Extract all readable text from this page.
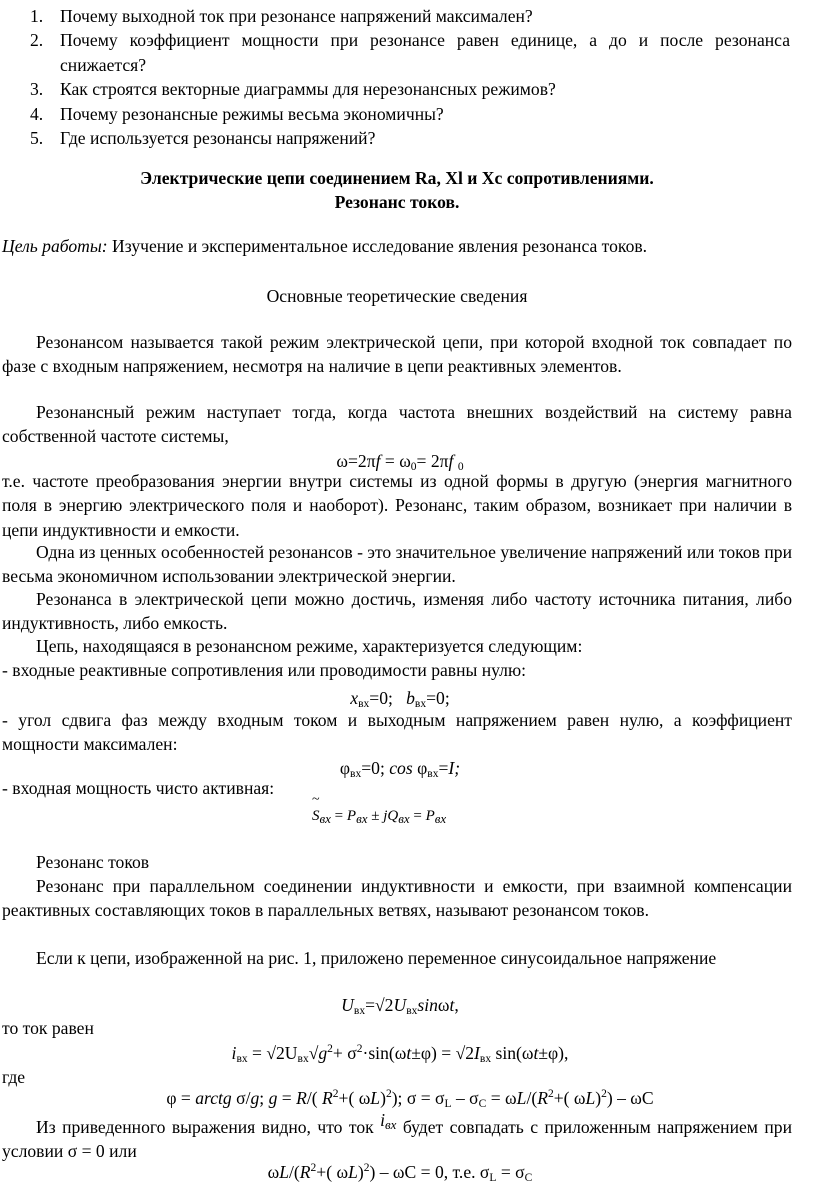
1. Почему выходной ток при резонансе напряжений максимален?
2. Почему коэффициент мощности при резонансе равен единице, а до и после резонанса снижается?
3. Как строятся векторные диаграммы для нерезонансных режимов?
4. Почему резонансные режимы весьма экономичны?
5. Где используется резонансы напряжений?
Электрические цепи соединением Ra, Xl и Xc сопротивлениями.
Резонанс токов.
Цель работы: Изучение и экспериментальное исследование явления резонанса токов.
Основные теоретические сведения
Резонансом называется такой режим электрической цепи, при которой входной ток совпадает по фазе с входным напряжением, несмотря на наличие в цепи реактивных элементов.
Резонансный режим наступает тогда, когда частота внешних воздействий на систему равна собственной частоте системы,
$\omega=2\pi f = \omega_0= 2\pi f$ $_0$
т.е. частоте преобразования энергии внутри системы из одной формы в другую (энергия магнитного поля в энергию электрического поля и наоборот). Резонанс, таким образом, возникает при наличии в цепи индуктивности и емкости.
Одна из ценных особенностей резонансов - это значительное увеличение напряжений или токов при весьма экономичном использовании электрической энергии.
Резонанса в электрической цепи можно достичь, изменяя либо частоту источника питания, либо индуктивность, либо емкость.
Цепь, находящаяся в резонансном режиме, характеризуется следующим:
- входные реактивные сопротивления или проводимости равны нулю:
$x_{вх}=0$;   $b_{вх}=0$;
- угол сдвига фаз между входным током и выходным напряжением равен нулю, а коэффициент мощности максимален:
$\varphi_{вх}=0$; $\cos \varphi_{вх}=I$;
- входная мощность чисто активная:
~
$S_{вх} = P_{вх} \pm jQ_{вх} = P_{вх}$
Резонанс токов
Резонанс при параллельном соединении индуктивности и емкости, при взаимной компенсации реактивных составляющих токов в параллельных ветвях, называют резонансом токов.
Если к цепи, изображенной на рис. 1, приложено переменное синусоидальное напряжение
$U_{вх}=√2U_{вх}\sin\omega t$,
то ток равен
$i_{вх} = √2U_{вх}√g^2+ \sigma^2\cdot\sin(\omega t\pm\varphi) = √2I_{вх}$ sin(ωt±φ),
где
φ = arctg σ/g; g = R/( $R^2+$( ωL)$^2$); $\sigma = \sigma_L - \sigma_C = \omega L/(R^2+$( ωL)$^2$) – ωC
Из приведенного выражения видно, что ток $i_{вх}$ будет совпадать с приложенным напряжением при условии σ = 0 или
$\omega L/(R^2+$( ωL)$^2$) – ωC = 0, т.е. $\sigma_L = \sigma_C$
